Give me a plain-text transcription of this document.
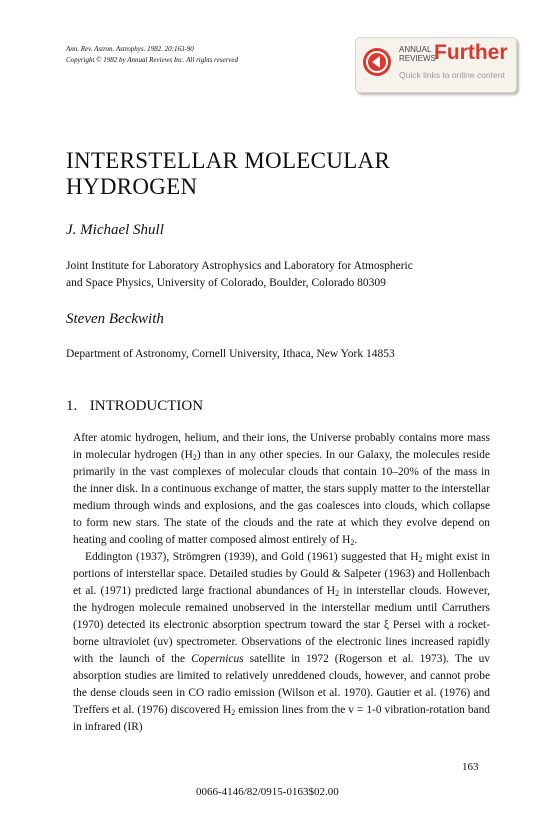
Ann. Rev. Astron. Astrophys. 1982. 20:163-90
Copyright © 1982 by Annual Reviews Inc. All rights reserved
ANNUAL
REVIEWS
Further
Quick links to online content
INTERSTELLAR MOLECULAR
HYDROGEN
J. Michael Shull
Joint Institute for Laboratory Astrophysics and Laboratory for Atmospheric
and Space Physics, University of Colorado, Boulder, Colorado 80309
Steven Beckwith
Department of Astronomy, Cornell University, Ithaca, New York 14853
1. INTRODUCTION

After atomic hydrogen, helium, and their ions, the Universe probably contains more mass in molecular hydrogen $(H_2)$ than in any other species. In our Galaxy, the molecules reside primarily in the vast complexes of molecular clouds that contain 10–20% of the mass in the inner disk. In a continuous exchange of matter, the stars supply matter to the interstellar medium through winds and explosions, and the gas coalesces into clouds, which collapse to form new stars. The state of the clouds and the rate at which they evolve depend on heating and cooling of matter composed almost entirely of $H_2$.

Eddington (1937), Strömgren (1939), and Gold (1961) suggested that $H_2$ might exist in portions of interstellar space. Detailed studies by Gould & Salpeter (1963) and Hollenbach et al. (1971) predicted large fractional abundances of $H_2$ in interstellar clouds. However, the hydrogen molecule remained unobserved in the interstellar medium until Carruthers (1970) detected its electronic absorption spectrum toward the star ξ Persei with a rocket-borne ultraviolet (uv) spectrometer. Observations of the electronic lines increased rapidly with the launch of the Copernicus satellite in 1972 (Rogerson et al. 1973). The uv absorption studies are limited to relatively unreddened clouds, however, and cannot probe the dense clouds seen in CO radio emission (Wilson et al. 1970). Gautier et al. (1976) and Treffers et al. (1976) discovered $H_2$ emission lines from the v = 1-0 vibration-rotation band in infrared (IR)

163
0066-4146/82/0915-0163$02.00
